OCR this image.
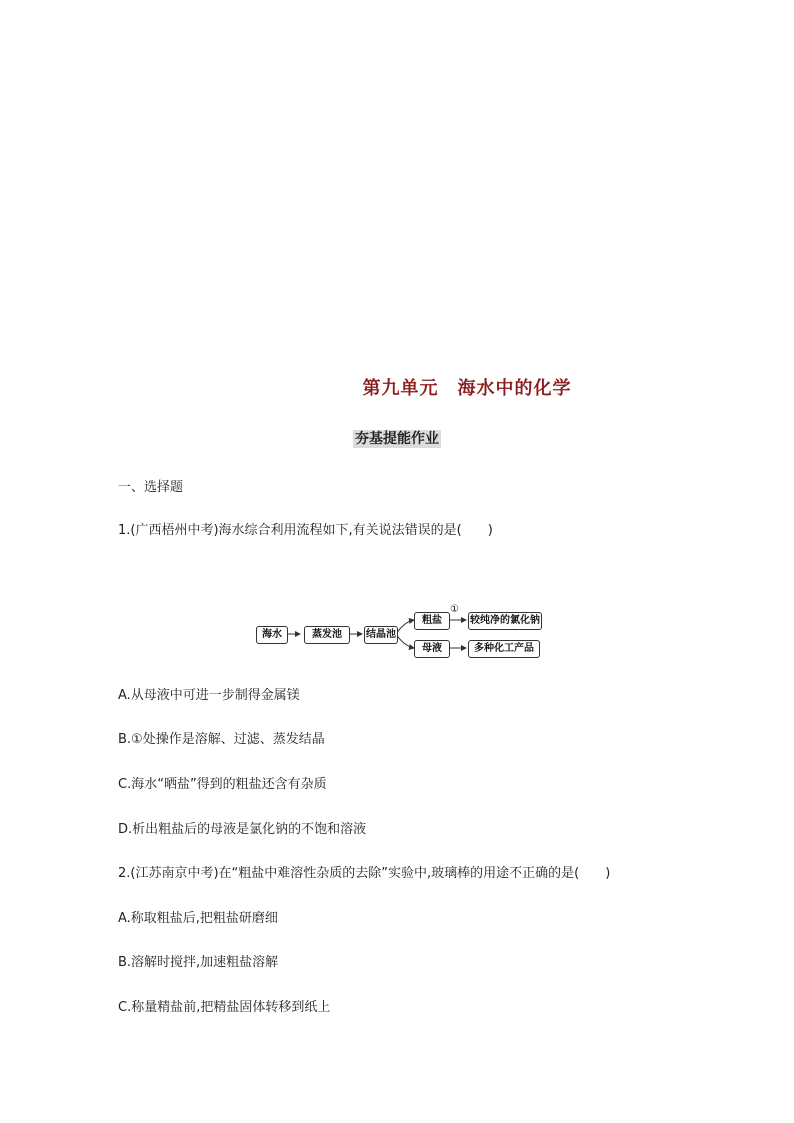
第九单元　海水中的化学
夯基提能作业
一、选择题
1.(广西梧州中考)海水综合利用流程如下,有关说法错误的是( )
海水	蒸发池	结晶池
粗盐
母液
①
较纯净的氯化钠
多种化工产品
A.从母液中可进一步制得金属镁
B.①处操作是溶解、过滤、蒸发结晶
C.海水“晒盐”得到的粗盐还含有杂质
D.析出粗盐后的母液是氯化钠的不饱和溶液
2.(江苏南京中考)在“粗盐中难溶性杂质的去除”实验中,玻璃棒的用途不正确的是( )
A.称取粗盐后,把粗盐研磨细
B.溶解时搅拌,加速粗盐溶解
C.称量精盐前,把精盐固体转移到纸上
